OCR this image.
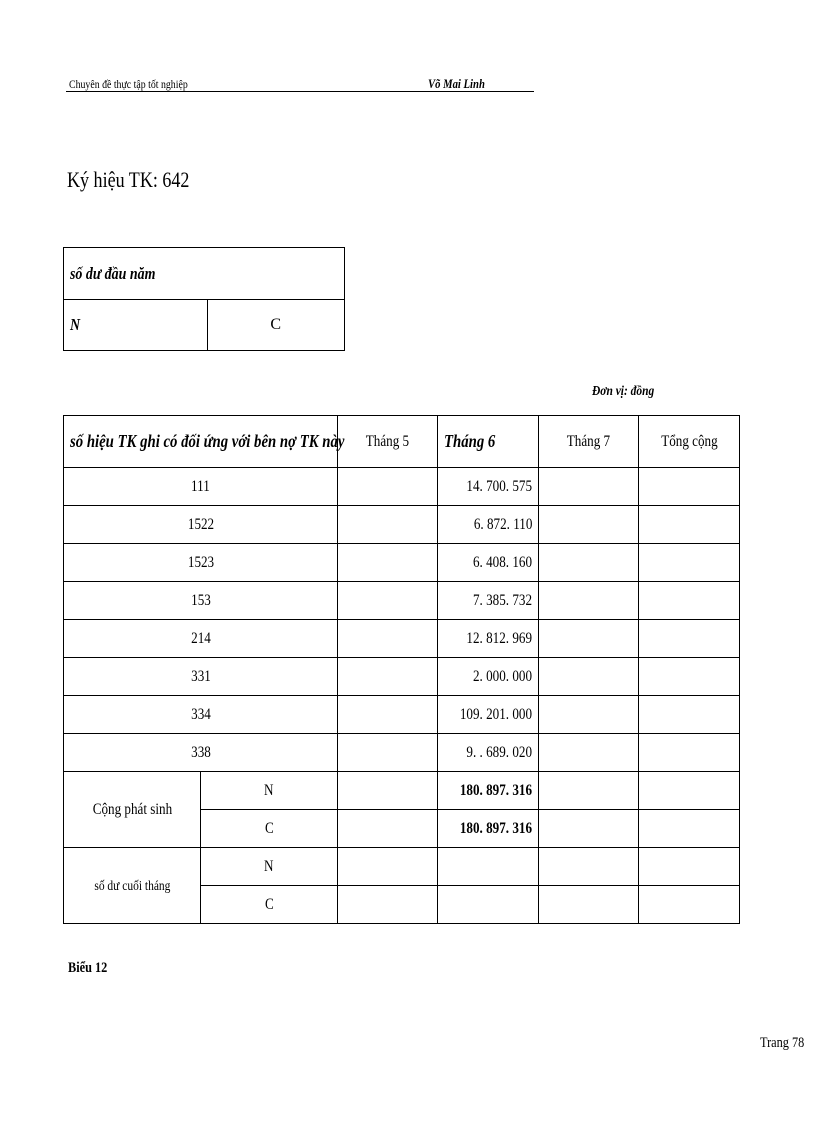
Chuyên đề thực tập tốt nghiệp	Võ Mai Linh
Ký hiệu TK: 642
số dư đầu năm
N	C
Đơn vị: đồng
số hiệu TK ghi có đối ứng với bên nợ TK này		Tháng 5	Tháng 6	Tháng 7	Tổng cộng
111			14. 700. 575		
1522			6. 872. 110		
1523			6. 408. 160		
153			7. 385. 732		
214			12. 812. 969		
331			2. 000. 000		
334			109. 201. 000		
338			9. . 689. 020		
Cộng phát sinh	N		180. 897. 316		
	C		180. 897. 316		
số dư cuối tháng	N				
	C				
Biểu 12
Trang 78
